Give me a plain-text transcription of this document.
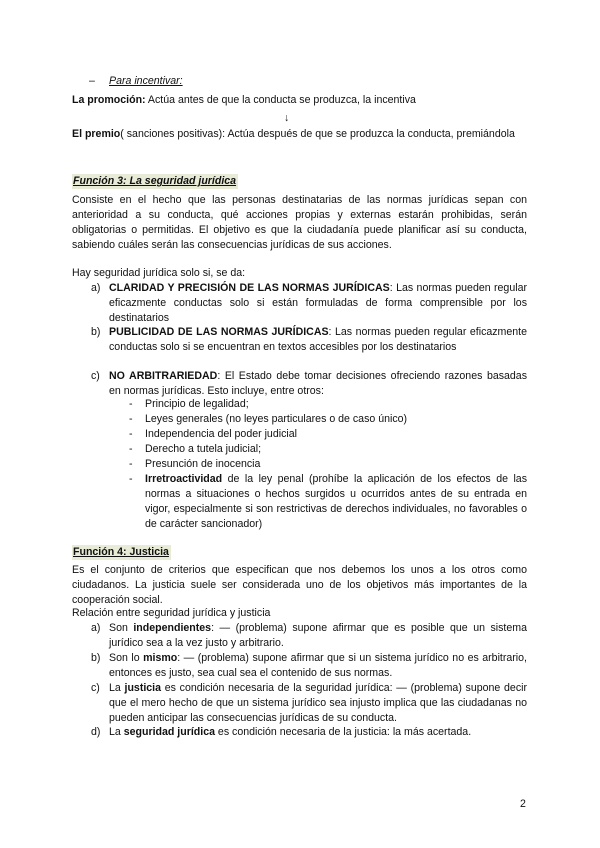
–	Para incentivar:
La promoción: Actúa antes de que la conducta se produzca, la incentiva
↓
El premio( sanciones positivas): Actúa después de que se produzca la conducta, premiándola
Función 3: La seguridad jurídica
Consiste en el hecho que las personas destinatarias de las normas jurídicas sepan con anterioridad a su conducta, qué acciones propias y externas estarán prohibidas, serán obligatorias o permitidas. El objetivo es que la ciudadanía puede planificar así su conducta, sabiendo cuáles serán las consecuencias jurídicas de sus acciones.
Hay seguridad jurídica solo si, se da:
a) CLARIDAD Y PRECISIÓN DE LAS NORMAS JURÍDICAS: Las normas pueden regular eficazmente conductas solo si están formuladas de forma comprensible por los destinatarios
b) PUBLICIDAD DE LAS NORMAS JURÍDICAS: Las normas pueden regular eficazmente conductas solo si se encuentran en textos accesibles por los destinatarios
c) NO ARBITRARIEDAD: El Estado debe tomar decisiones ofreciendo razones basadas en normas jurídicas. Esto incluye, entre otros:
-	Principio de legalidad;
-	Leyes generales (no leyes particulares o de caso único)
-	Independencia del poder judicial
-	Derecho a tutela judicial;
-	Presunción de inocencia
-	Irretroactividad de la ley penal (prohíbe la aplicación de los efectos de las normas a situaciones o hechos surgidos u ocurridos antes de su entrada en vigor, especialmente si son restrictivas de derechos individuales, no favorables o de carácter sancionador)
Función 4: Justicia
Es el conjunto de criterios que especifican que nos debemos los unos a los otros como ciudadanos. La justicia suele ser considerada uno de los objetivos más importantes de la cooperación social.
Relación entre seguridad jurídica y justicia
a) Son independientes: — (problema) supone afirmar que es posible que un sistema jurídico sea a la vez justo y arbitrario.
b) Son lo mismo: — (problema) supone afirmar que si un sistema jurídico no es arbitrario, entonces es justo, sea cual sea el contenido de sus normas.
c) La justicia es condición necesaria de la seguridad jurídica: — (problema) supone decir que el mero hecho de que un sistema jurídico sea injusto implica que las ciudadanas no pueden anticipar las consecuencias jurídicas de su conducta.
d) La seguridad jurídica es condición necesaria de la justicia: la más acertada.
2
